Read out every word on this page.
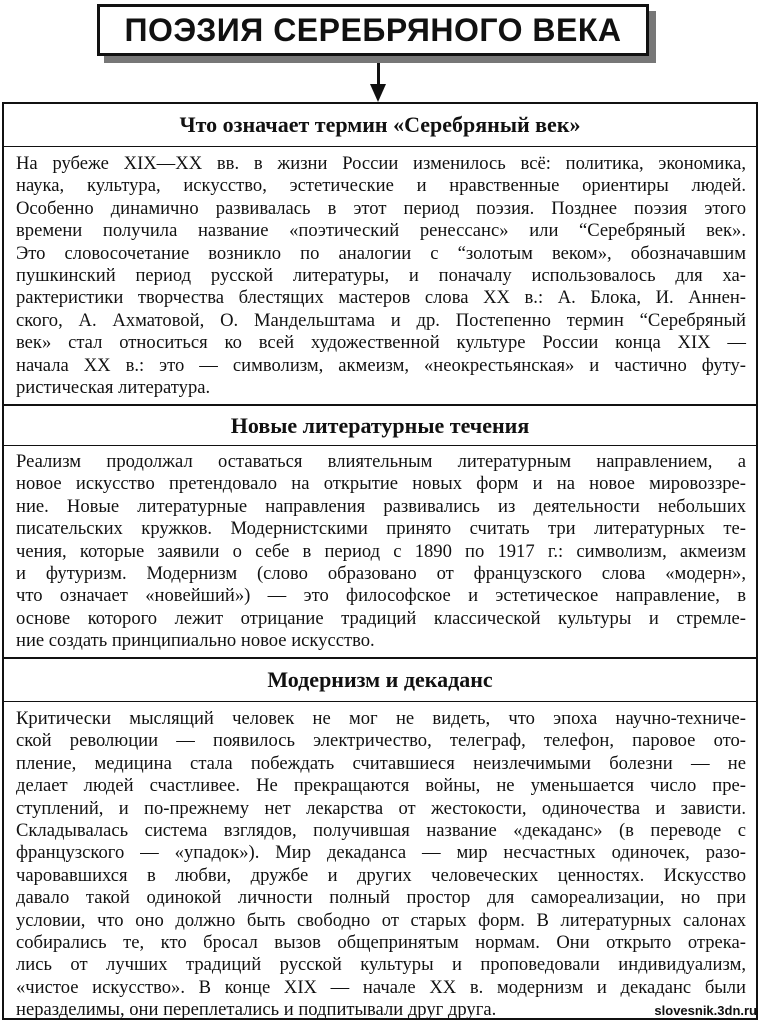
ПОЭЗИЯ СЕРЕБРЯНОГО ВЕКА
Что означает термин «Серебряный век»
На рубеже XIX—XX вв. в жизни России изменилось всё: политика, экономика,
наука, культура, искусство, эстетические и нравственные ориентиры людей.
Особенно динамично развивалась в этот период поэзия. Позднее поэзия этого
времени получила название «поэтический ренессанс» или “Серебряный век».
Это словосочетание возникло по аналогии с “золотым веком», обозначавшим
пушкинский период русской литературы, и поначалу использовалось для ха-
рактеристики творчества блестящих мастеров слова XX в.: А. Блока, И. Аннен-
ского, А. Ахматовой, О. Мандельштама и др. Постепенно термин “Серебряный
век» стал относиться ко всей художественной культуре России конца XIX —
начала XX в.: это — символизм, акмеизм, «неокрестьянская» и частично футу-
ристическая литература.
Новые литературные течения
Реализм продолжал оставаться влиятельным литературным направлением, а
новое искусство претендовало на открытие новых форм и на новое мировоззре-
ние. Новые литературные направления развивались из деятельности небольших
писательских кружков. Модернистскими принято считать три литературных те-
чения, которые заявили о себе в период с 1890 по 1917 г.: символизм, акмеизм
и футуризм. Модернизм (слово образовано от французского слова «модерн»,
что означает «новейший») — это философское и эстетическое направление, в
основе которого лежит отрицание традиций классической культуры и стремле-
ние создать принципиально новое искусство.
Модернизм и декаданс
Критически мыслящий человек не мог не видеть, что эпоха научно-техниче-
ской революции — появилось электричество, телеграф, телефон, паровое ото-
пление, медицина стала побеждать считавшиеся неизлечимыми болезни — не
делает людей счастливее. Не прекращаются войны, не уменьшается число пре-
ступлений, и по-прежнему нет лекарства от жестокости, одиночества и зависти.
Складывалась система взглядов, получившая название «декаданс» (в переводе с
французского — «упадок»). Мир декаданса — мир несчастных одиночек, разо-
чаровавшихся в любви, дружбе и других человеческих ценностях. Искусство
давало такой одинокой личности полный простор для самореализации, но при
условии, что оно должно быть свободно от старых форм. В литературных салонах
собирались те, кто бросал вызов общепринятым нормам. Они открыто отрека-
лись от лучших традиций русской культуры и проповедовали индивидуализм,
«чистое искусство». В конце XIX — начале XX в. модернизм и декаданс были
неразделимы, они переплетались и подпитывали друг друга.	slovesnik.3dn.ru
